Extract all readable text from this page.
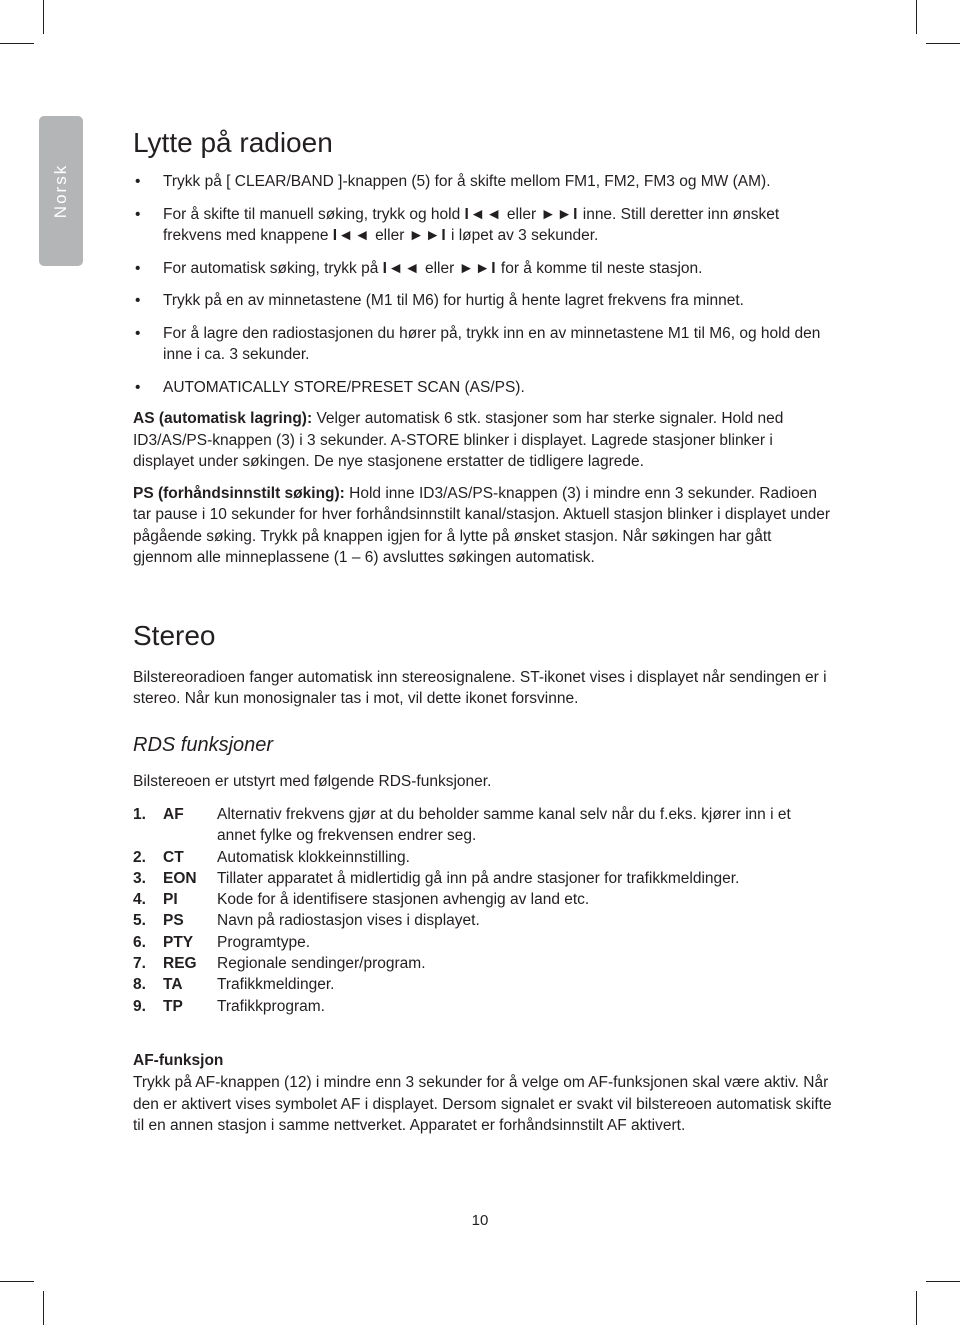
Norsk
Lytte på radioen
• Trykk på [ CLEAR/BAND ]-knappen (5) for å skifte mellom FM1, FM2, FM3 og MW (AM).
• For å skifte til manuell søking, trykk og hold I◄◄ eller ►►I inne. Still deretter inn ønsket frekvens med knappene I◄◄ eller ►►I i løpet av 3 sekunder.
• For automatisk søking, trykk på I◄◄ eller ►►I for å komme til neste stasjon.
• Trykk på en av minnetastene (M1 til M6) for hurtig å hente lagret frekvens fra minnet.
• For å lagre den radiostasjonen du hører på, trykk inn en av minnetastene M1 til M6, og hold den inne i ca. 3 sekunder.
• AUTOMATICALLY STORE/PRESET SCAN (AS/PS).

AS (automatisk lagring): Velger automatisk 6 stk. stasjoner som har sterke signaler. Hold ned ID3/AS/PS-knappen (3) i 3 sekunder. A-STORE blinker i displayet. Lagrede stasjoner blinker i displayet under søkingen. De nye stasjonene erstatter de tidligere lagrede.

PS (forhåndsinnstilt søking): Hold inne ID3/AS/PS-knappen (3) i mindre enn 3 sekunder. Radioen tar pause i 10 sekunder for hver forhåndsinnstilt kanal/stasjon. Aktuell stasjon blinker i displayet under pågående søking. Trykk på knappen igjen for å lytte på ønsket stasjon. Når søkingen har gått gjennom alle minneplassene (1 – 6) avsluttes søkingen automatisk.

Stereo

Bilstereoradioen fanger automatisk inn stereosignalene. ST-ikonet vises i displayet når sendingen er i stereo. Når kun monosignaler tas i mot, vil dette ikonet forsvinne.

RDS funksjoner

Bilstereoen er utstyrt med følgende RDS-funksjoner.

1.	AF	Alternativ frekvens gjør at du beholder samme kanal selv når du f.eks. kjører inn i et annet fylke og frekvensen endrer seg.
2.	CT	Automatisk klokkeinnstilling.
3.	EON	Tillater apparatet å midlertidig gå inn på andre stasjoner for trafikkmeldinger.
4.	PI	Kode for å identifisere stasjonen avhengig av land etc.
5.	PS	Navn på radiostasjon vises i displayet.
6.	PTY	Programtype.
7.	REG	Regionale sendinger/program.
8.	TA	Trafikkmeldinger.
9.	TP	Trafikkprogram.

AF-funksjon

Trykk på AF-knappen (12) i mindre enn 3 sekunder for å velge om AF-funksjonen skal være aktiv. Når den er aktivert vises symbolet AF i displayet. Dersom signalet er svakt vil bilstereoen automatisk skifte til en annen stasjon i samme nettverket. Apparatet er forhåndsinnstilt AF aktivert.

10
